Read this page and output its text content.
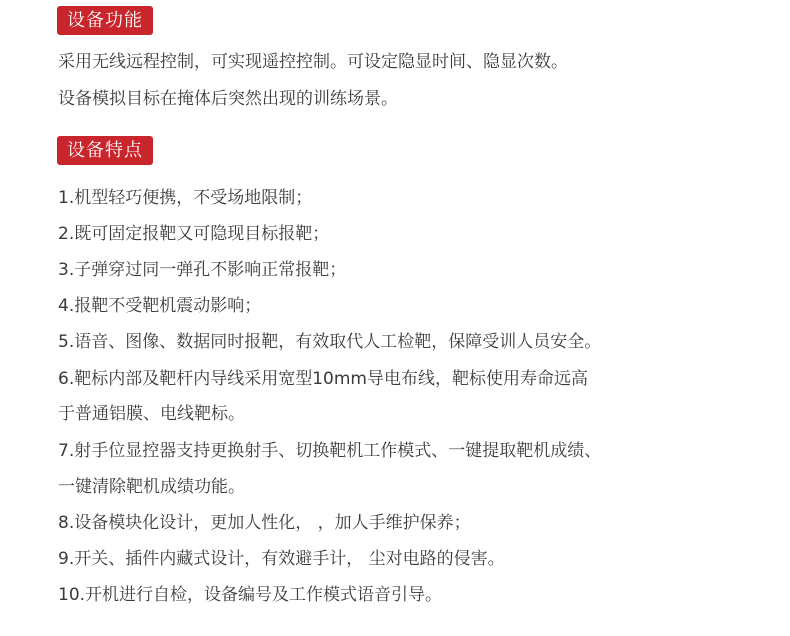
设备功能
采用无线远程控制，可实现遥控控制。可设定隐显时间、隐显次数。
设备模拟目标在掩体后突然出现的训练场景。
设备特点
1.机型轻巧便携，不受场地限制；
2.既可固定报靶又可隐现目标报靶；
3.子弹穿过同一弹孔不影响正常报靶；
4.报靶不受靶机震动影响；
5.语音、图像、数据同时报靶，有效取代人工检靶，保障受训人员安全。
6.靶标内部及靶杆内导线采用宽型10mm导电布线，靶标使用寿命远高
于普通铝膜、电线靶标。
7.射手位显控器支持更换射手、切换靶机工作模式、一键提取靶机成绩、
一键清除靶机成绩功能。
8.设备模块化设计，更加人性化， ，加人手维护保养；
9.开关、插件内藏式设计，有效避手计， 尘对电路的侵害。
10.开机进行自检，设备编号及工作模式语音引导。
